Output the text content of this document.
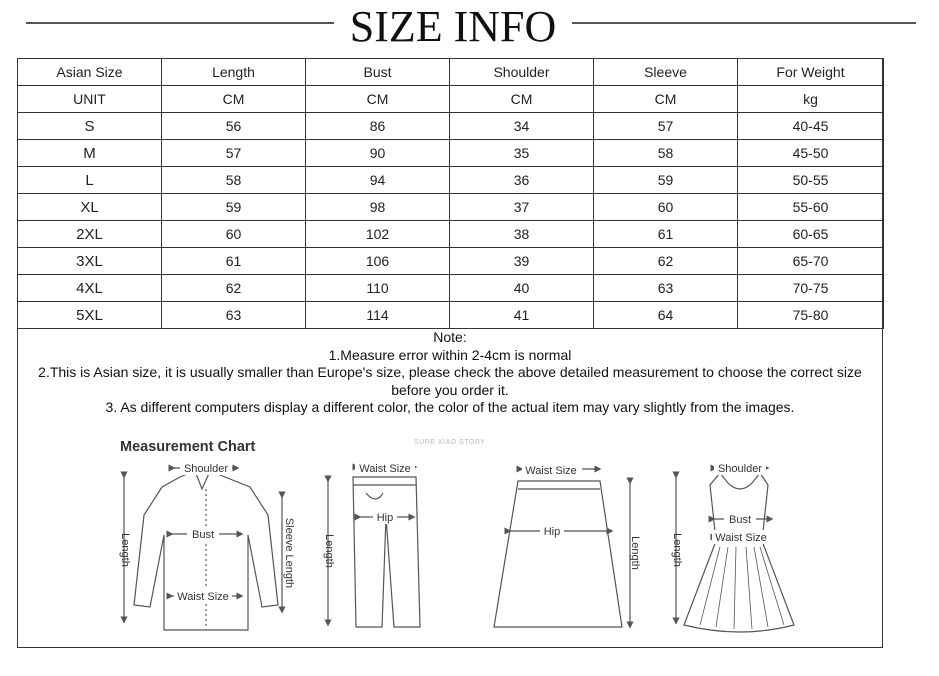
SIZE INFO
Asian Size	Length	Bust	Shoulder	Sleeve	For Weight
UNIT	CM	CM	CM	CM	kg
S	56	86	34	57	40-45
M	57	90	35	58	45-50
L	58	94	36	59	50-55
XL	59	98	37	60	55-60
2XL	60	102	38	61	60-65
3XL	61	106	39	62	65-70
4XL	62	110	40	63	70-75
5XL	63	114	41	64	75-80
Note:
1.Measure error within 2-4cm is normal
2.This is Asian size, it is usually smaller than Europe's size, please check the above detailed measurement to choose the correct size
before you order it.
3. As different computers display a different color, the color of the actual item may vary slightly from the images.
Measurement Chart	SURE XIAO STORY
Shoulder
Bust
Waist Size
Length	Sleeve Length
Waist Size
Hip
Length
Waist Size
Hip
Length
Shoulder
Bust
Waist Size
Length
